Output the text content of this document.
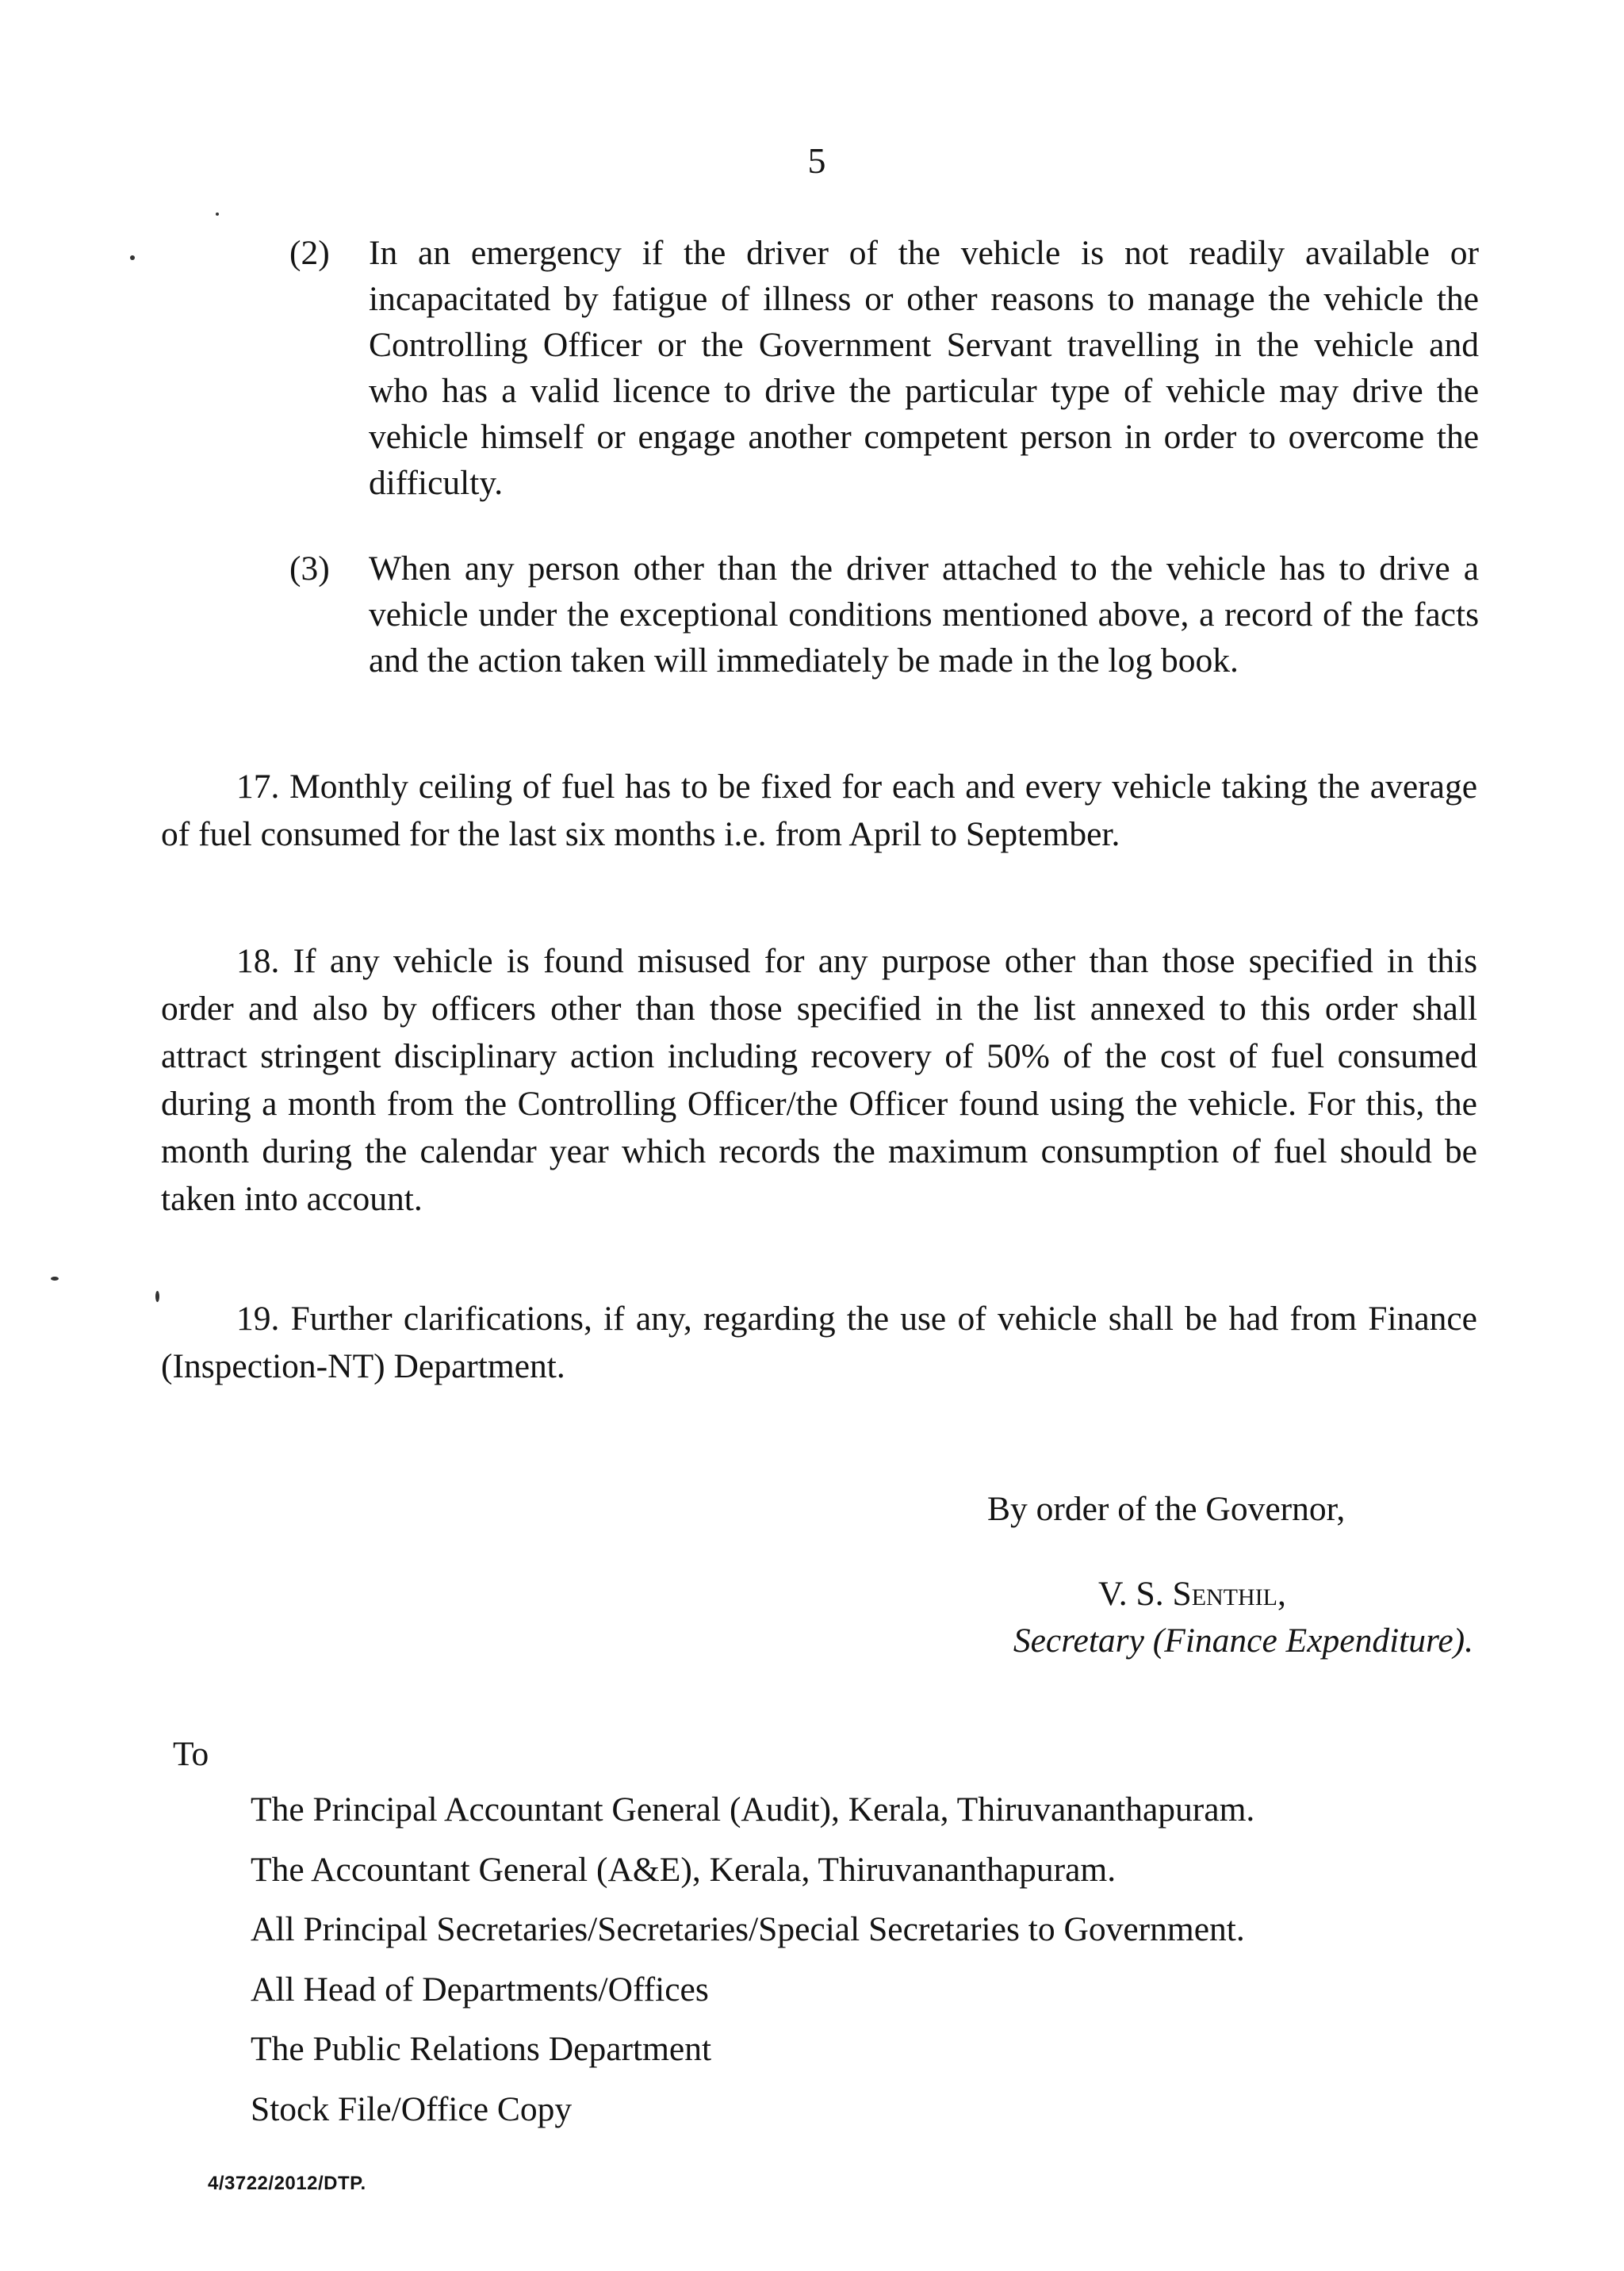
5
(2) In an emergency if the driver of the vehicle is not readily available or incapacitated by fatigue of illness or other reasons to manage the vehicle the Controlling Officer or the Government Servant travelling in the vehicle and who has a valid licence to drive the particular type of vehicle may drive the vehicle himself or engage another competent person in order to overcome the difficulty.
(3) When any person other than the driver attached to the vehicle has to drive a vehicle under the exceptional conditions mentioned above, a record of the facts and the action taken will immediately be made in the log book.
17. Monthly ceiling of fuel has to be fixed for each and every vehicle taking the average of fuel consumed for the last six months i.e. from April to September.
18. If any vehicle is found misused for any purpose other than those specified in this order and also by officers other than those specified in the list annexed to this order shall attract stringent disciplinary action including recovery of 50% of the cost of fuel consumed during a month from the Controlling Officer/the Officer found using the vehicle. For this, the month during the calendar year which records the maximum consumption of fuel should be taken into account.
19. Further clarifications, if any, regarding the use of vehicle shall be had from Finance (Inspection-NT) Department.
By order of the Governor,
V. S. Senthil,
Secretary (Finance Expenditure).
To
The Principal Accountant General (Audit), Kerala, Thiruvananthapuram.
The Accountant General (A&E), Kerala, Thiruvananthapuram.
All Principal Secretaries/Secretaries/Special Secretaries to Government.
All Head of Departments/Offices
The Public Relations Department
Stock File/Office Copy
4/3722/2012/DTP.
